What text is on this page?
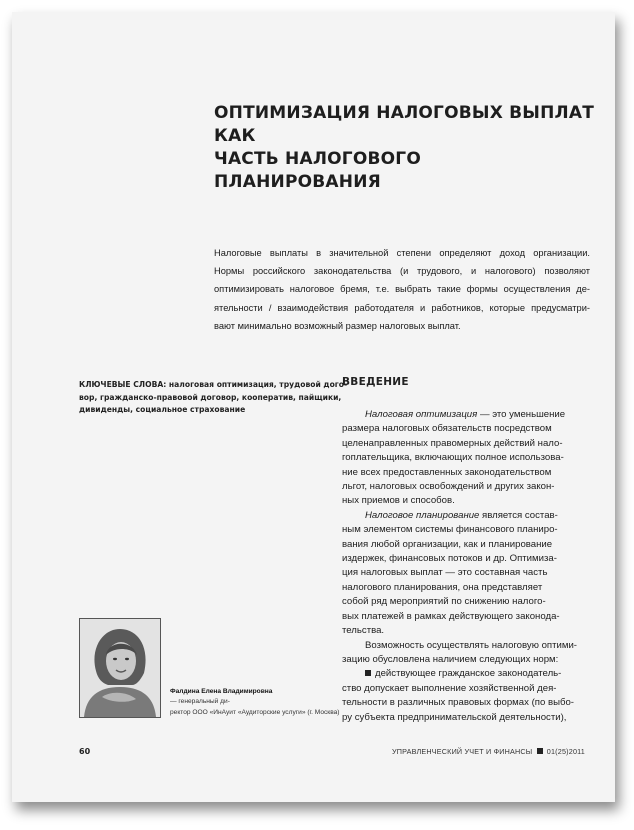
ОПТИМИЗАЦИЯ НАЛОГОВЫХ ВЫПЛАТ КАК
ЧАСТЬ НАЛОГОВОГО ПЛАНИРОВАНИЯ
Налоговые выплаты в значительной степени определяют доход организации.
Нормы российского законодательства (и трудового, и налогового) позволяют
оптимизировать налоговое бремя, т.е. выбрать такие формы осуществления де-
ятельности / взаимодействия работодателя и работников, которые предусматри-
вают минимально возможный размер налоговых выплат.
КЛЮЧЕВЫЕ СЛОВА: налоговая оптимизация, трудовой дого-
вор, гражданско-правовой договор, кооператив, пайщики,
дивиденды, социальное страхование
ВВЕДЕНИЕ
Налоговая оптимизация — это уменьшение
размера налоговых обязательств посредством
целенаправленных правомерных действий нало-
гоплательщика, включающих полное использова-
ние всех предоставленных законодательством
льгот, налоговых освобождений и других закон-
ных приемов и способов.
Налоговое планирование является состав-
ным элементом системы финансового планиро-
вания любой организации, как и планирование
издержек, финансовых потоков и др. Оптимиза-
ция налоговых выплат — это составная часть
налогового планирования, она представляет
собой ряд мероприятий по снижению налого-
вых платежей в рамках действующего законода-
тельства.
Возможность осуществлять налоговую оптими-
зацию обусловлена наличием следующих норм:
действующее гражданское законодатель-
ство допускает выполнение хозяйственной дея-
тельности в различных правовых формах (по выбо-
ру субъекта предпринимательской деятельности),
Фалдина Елена Владимировна
— генеральный ди-
ректор ООО «ИнАуит «Аудиторские услуги» (г. Москва)
60	УПРАВЛЕНЧЕСКИЙ УЧЕТ И ФИНАНСЫ 01(25)2011
